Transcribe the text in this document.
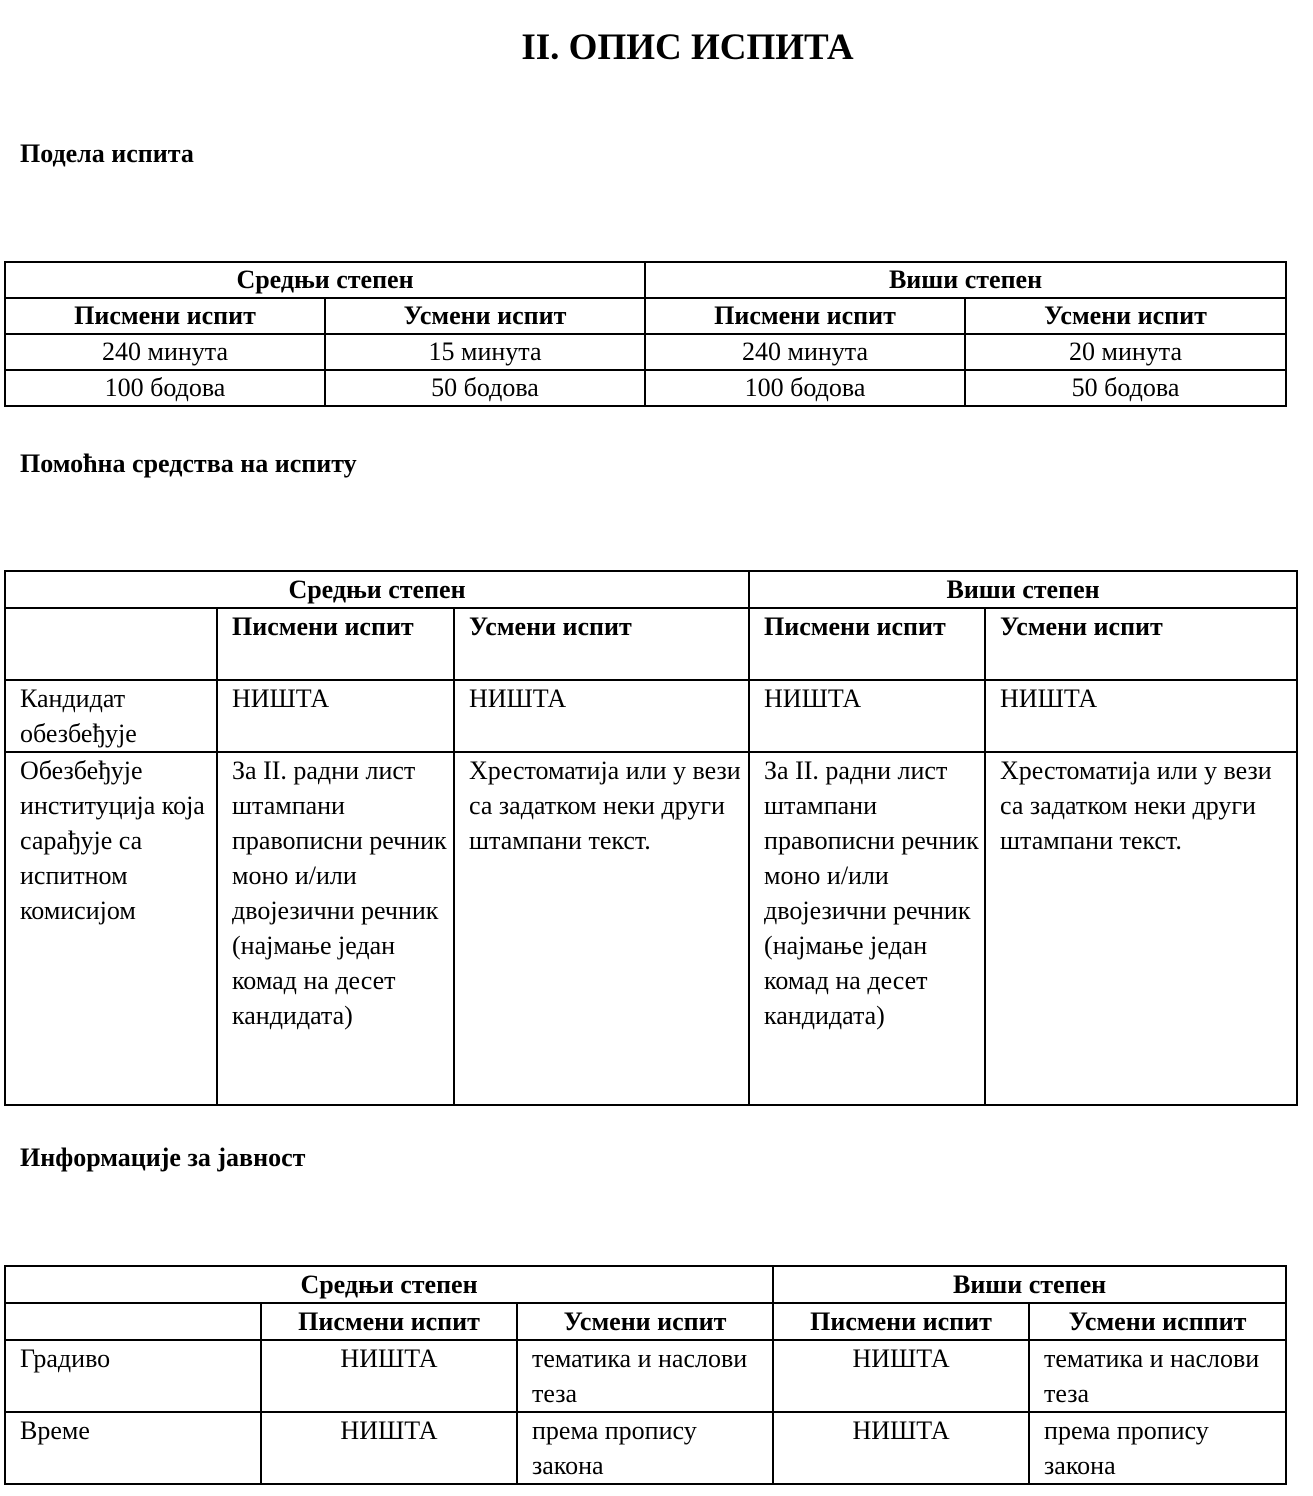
II. ОПИС ИСПИТА
Подела испита
Средњи степен		Виши степен	
Писмени испит	Усмени испит	Писмени испит	Усмени испит
240 минута	15 минута	240 минута	20 минута
100 бодова	50 бодова	100 бодова	50 бодова
Помоћна средства на испиту
Средњи степен			Виши степен	
	Писмени испит	Усмени испит	Писмени испит	Усмени испит
Кандидат обезбеђује	НИШТА	НИШТА	НИШТА	НИШТА
Обезбеђује институција која сарађује са испитном комисијом	За II. радни лист штампани правописни речник моно и/или двојезични речник (најмање један комад на десет кандидата)	Хрестоматија или у вези са задатком неки други штампани текст.	За II. радни лист штампани правописни речник моно и/или двојезични речник (најмање један комад на десет кандидата)	Хрестоматија или у вези са задатком неки други штампани текст.
Информације за јавност
Средњи степен			Виши степен	
	Писмени испит	Усмени испит	Писмени испит	Усмени исппит
Градиво	НИШТА	тематика и наслови теза	НИШТА	тематика и наслови теза
Време	НИШТА	према пропису закона	НИШТА	према пропису закона
